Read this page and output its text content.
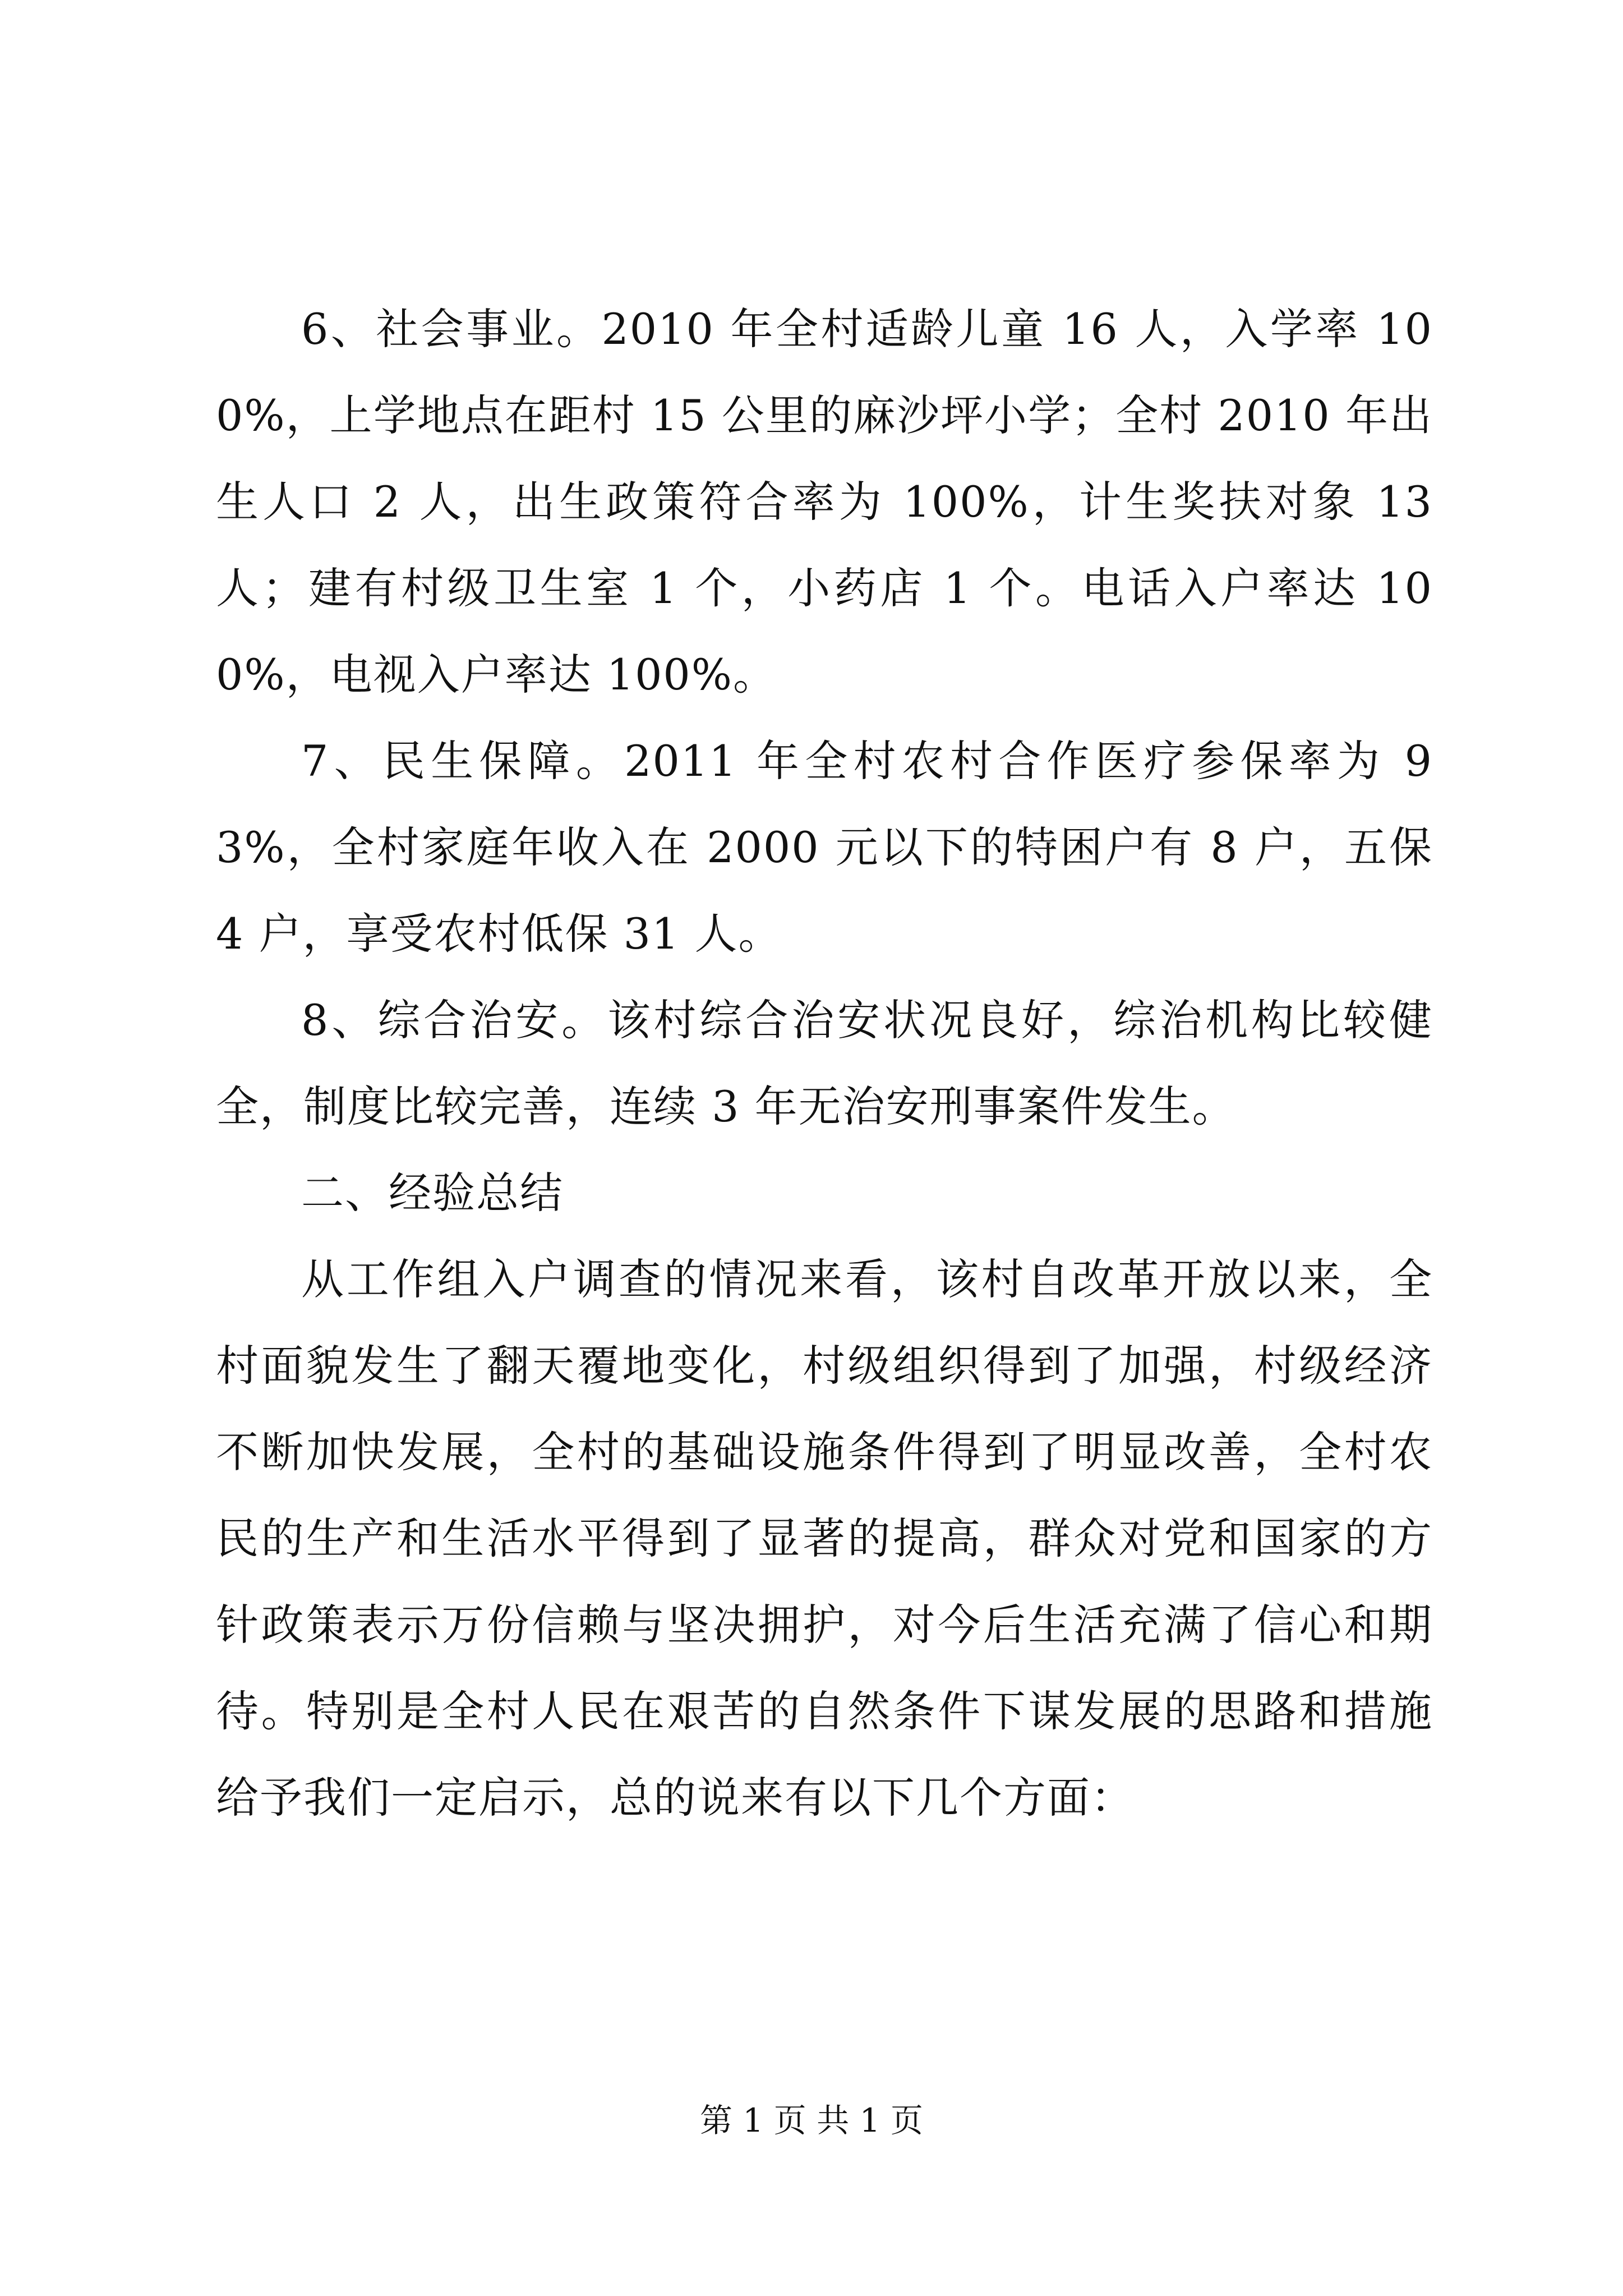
6、社会事业。2010 年全村适龄儿童 16 人，入学率 100%，上学地点在距村 15 公里的麻沙坪小学；全村 2010 年出生人口 2 人，出生政策符合率为 100%，计生奖扶对象 13 人；建有村级卫生室 1 个，小药店 1 个。电话入户率达 100%，电视入户率达 100%。

7、民生保障。2011 年全村农村合作医疗参保率为 93%，全村家庭年收入在 2000 元以下的特困户有 8 户，五保 4 户，享受农村低保 31 人。

8、综合治安。该村综合治安状况良好，综治机构比较健全，制度比较完善，连续 3 年无治安刑事案件发生。

二、经验总结

从工作组入户调查的情况来看，该村自改革开放以来，全村面貌发生了翻天覆地变化，村级组织得到了加强，村级经济不断加快发展，全村的基础设施条件得到了明显改善，全村农民的生产和生活水平得到了显著的提高，群众对党和国家的方针政策表示万份信赖与坚决拥护，对今后生活充满了信心和期待。特别是全村人民在艰苦的自然条件下谋发展的思路和措施给予我们一定启示，总的说来有以下几个方面：

第 1 页 共 1 页
